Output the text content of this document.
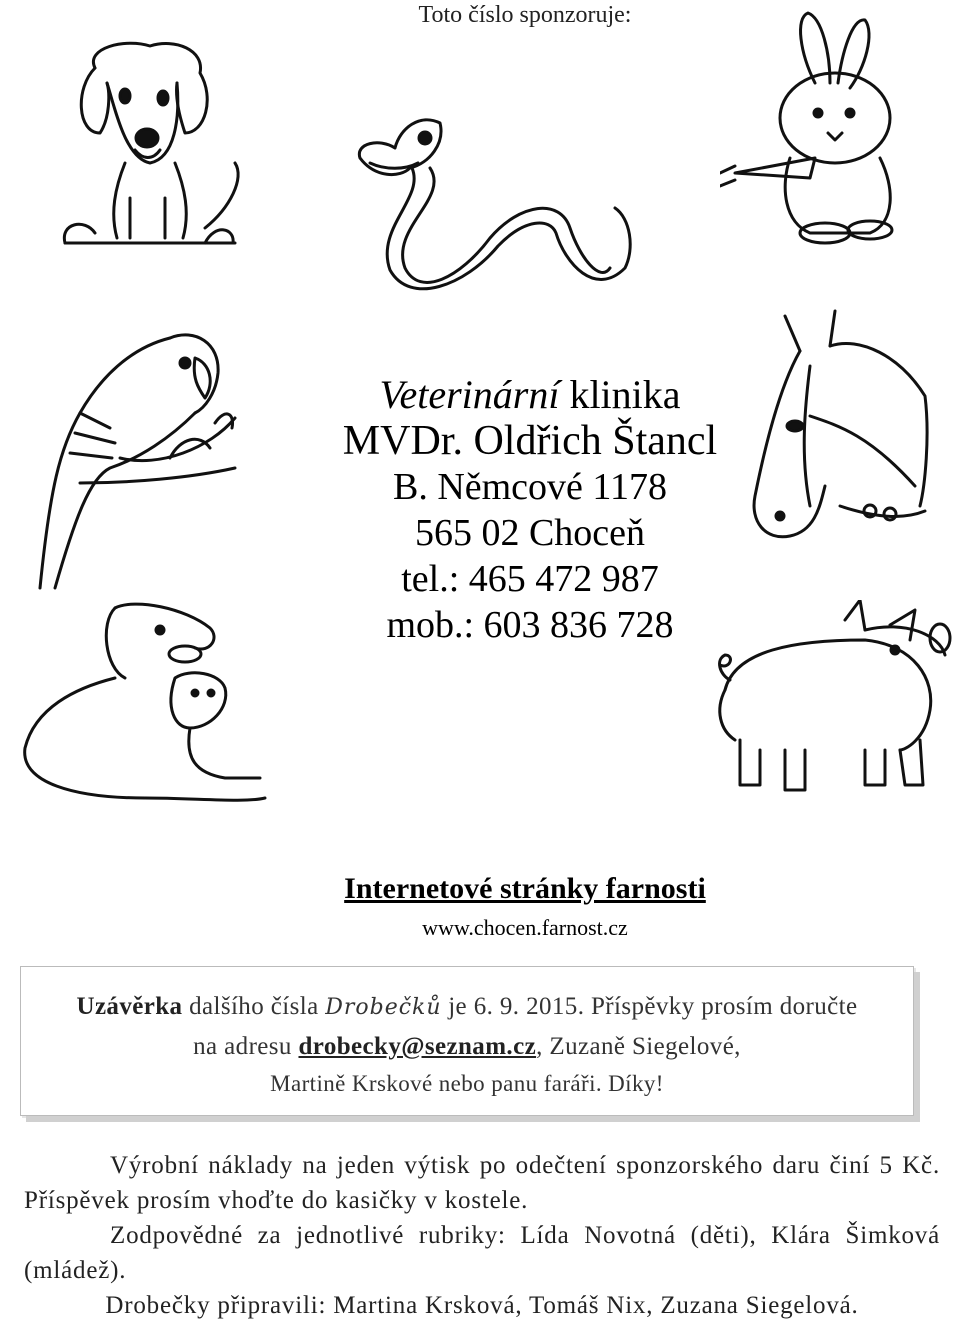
Toto číslo sponzoruje:
Veterinární klinika
MVDr. Oldřich Štancl
B. Němcové 1178
565 02 Choceň
tel.: 465 472 987
mob.: 603 836 728
Internetové stránky farnosti
www.chocen.farnost.cz
Uzávěrka dalšího čísla Drobečků je 6. 9. 2015. Příspěvky prosím doručte
na adresu drobecky@seznam.cz, Zuzaně Siegelové,
Martině Krskové nebo panu faráři. Díky!

Výrobní náklady na jeden výtisk po odečtení sponzorského daru činí 5 Kč. Příspěvek prosím vhoďte do kasičky v kostele.

Zodpovědné za jednotlivé rubriky: Lída Novotná (děti), Klára Šimková (mládež).

Drobečky připravili: Martina Krsková, Tomáš Nix, Zuzana Siegelová.
